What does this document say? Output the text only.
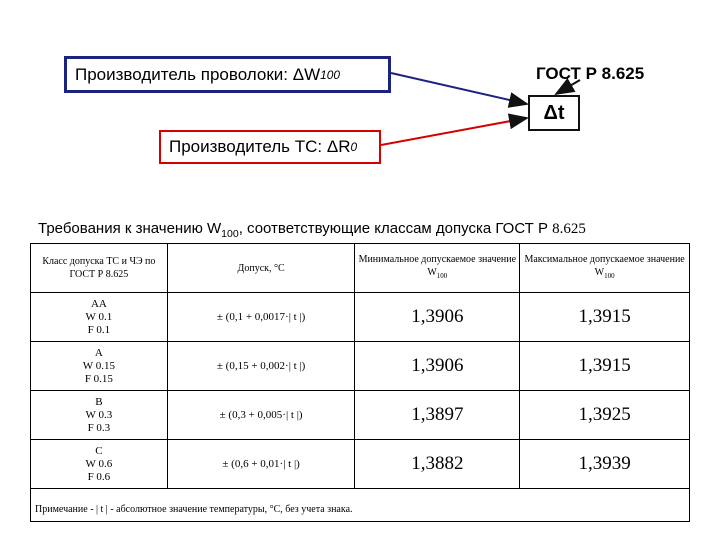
Производитель проволоки: ΔW 100
Производитель ТС: ΔR 0
Δt
ГОСТ Р 8.625
Требования к значению $W_{100}$, соответствующие классам допуска ГОСТ Р 8.625
Класс допуска ТС и ЧЭ по ГОСТ Р 8.625	Допуск, °С	Минимальное допускаемое значение $W_{100}$	Максимальное допускаемое значение $W_{100}$

AA
W 0.1
F 0.1	± (0,1 + 0,0017·| t |)	1,3906	1,3915

A
W 0.15
F 0.15	± (0,15 + 0,002·| t |)	1,3906	1,3915

B
W 0.3
F 0.3	± (0,3 + 0,005·| t |)	1,3897	1,3925

C
W 0.6
F 0.6	± (0,6 + 0,01·| t |)	1,3882	1,3939
Примечание - | t | - абсолютное значение температуры, °С, без учета знака.			
